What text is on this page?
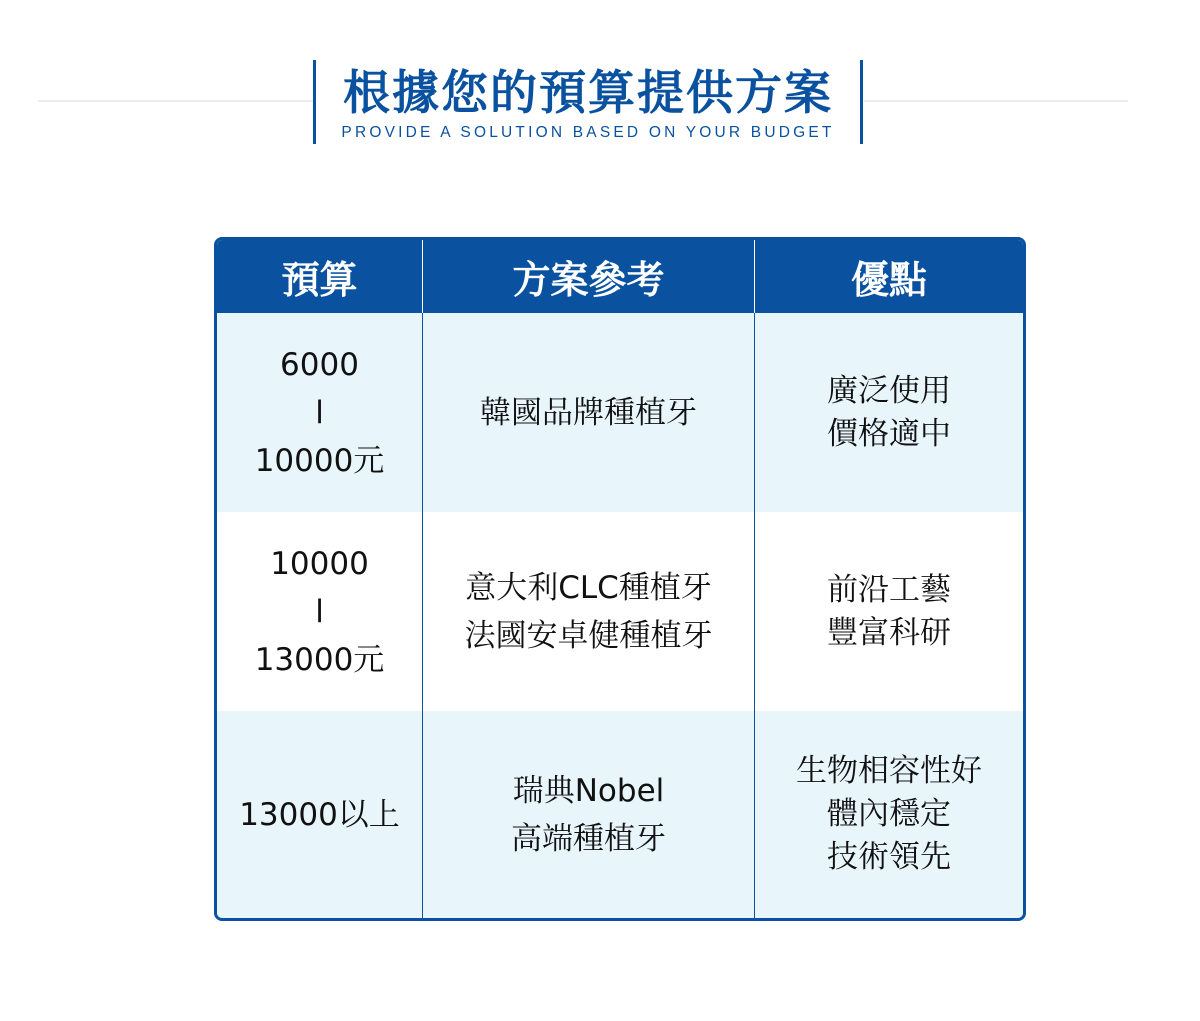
根據您的預算提供方案
PROVIDE A SOLUTION BASED ON YOUR BUDGET
預算	方案參考	優點
6000
l
10000元
韓國品牌種植牙
廣泛使用
價格適中
10000
l
13000元
意大利CLC種植牙
法國安卓健種植牙
前沿工藝
豐富科研
13000以上
瑞典Nobel
高端種植牙
生物相容性好
體內穩定
技術領先
